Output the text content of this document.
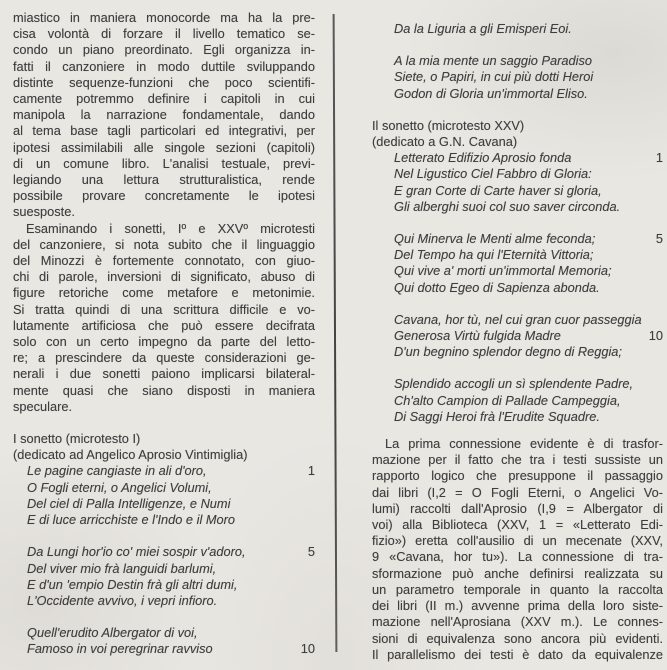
miastico in maniera monocorde ma ha la pre-
cisa volontà di forzare il livello tematico se-
condo un piano preordinato. Egli organizza in-
fatti il canzoniere in modo duttile sviluppando
distinte sequenze-funzioni che poco scientifi-
camente potremmo definire i capitoli in cui
manipola la narrazione fondamentale, dando
al tema base tagli particolari ed integrativi, per
ipotesi assimilabili alle singole sezioni (capitoli)
di un comune libro. L'analisi testuale, previ-
legiando una lettura strutturalistica, rende
possibile provare concretamente le ipotesi
suesposte.
Esaminando i sonetti, Iº e XXVº microtesti
del canzoniere, si nota subito che il linguaggio
del Minozzi è fortemente connotato, con giuo-
chi di parole, inversioni di significato, abuso di
figure retoriche come metafore e metonimie.
Si tratta quindi di una scrittura difficile e vo-
lutamente artificiosa che può essere decifrata
solo con un certo impegno da parte del letto-
re; a prescindere da queste considerazioni ge-
nerali i due sonetti paiono implicarsi bilateral-
mente quasi che siano disposti in maniera
speculare.
I sonetto (microtesto I)
(dedicato ad Angelico Aprosio Vintimiglia)
Le pagine cangiaste in ali d'oro,	1
O Fogli eterni, o Angelici Volumi,
Del ciel di Palla Intelligenze, e Numi
E di luce arricchiste e l'Indo e il Moro
Da Lungi hor'io co' miei sospir v'adoro,	5
Del viver mio frà languidi barlumi,
E d'un 'empio Destin frà gli altri dumi,
L'Occidente avvivo, i vepri infioro.
Quell'erudito Albergator di voi,
Famoso in voi peregrinar ravviso	10
Da la Liguria a gli Emisperi Eoi.
A la mia mente un saggio Paradiso
Siete, o Papiri, in cui più dotti Heroi
Godon di Gloria un'immortal Eliso.
Il sonetto (microtesto XXV)
(dedicato a G.N. Cavana)
Letterato Edifizio Aprosio fonda	1
Nel Ligustico Ciel Fabbro di Gloria:
E gran Corte di Carte haver si gloria,
Gli alberghi suoi col suo saver circonda.
Qui Minerva le Menti alme feconda;	5
Del Tempo ha qui l'Eternità Vittoria;
Qui vive a' morti un'immortal Memoria;
Qui dotto Egeo di Sapienza abonda.
Cavana, hor tù, nel cui gran cuor passeggia
Generosa Virtù fulgida Madre	10
D'un begnino splendor degno di Reggia;
Splendido accogli un sì splendente Padre,
Ch'alto Campion di Pallade Campeggia,
Di Saggi Heroi frà l'Erudite Squadre.
La prima connessione evidente è di trasfor-
mazione per il fatto che tra i testi sussiste un
rapporto logico che presuppone il passaggio
dai libri (I,2 = O Fogli Eterni, o Angelici Vo-
lumi) raccolti dall'Aprosio (I,9 = Albergator di
voi) alla Biblioteca (XXV, 1 = «Letterato Edi-
fizio») eretta coll'ausilio di un mecenate (XXV,
9 «Cavana, hor tu»). La connessione di tra-
sformazione può anche definirsi realizzata su
un parametro temporale in quanto la raccolta
dei libri (II m.) avvenne prima della loro siste-
mazione nell'Aprosiana (XXV m.). Le connes-
sioni di equivalenza sono ancora più evidenti.
Il parallelismo dei testi è dato da equivalenze
